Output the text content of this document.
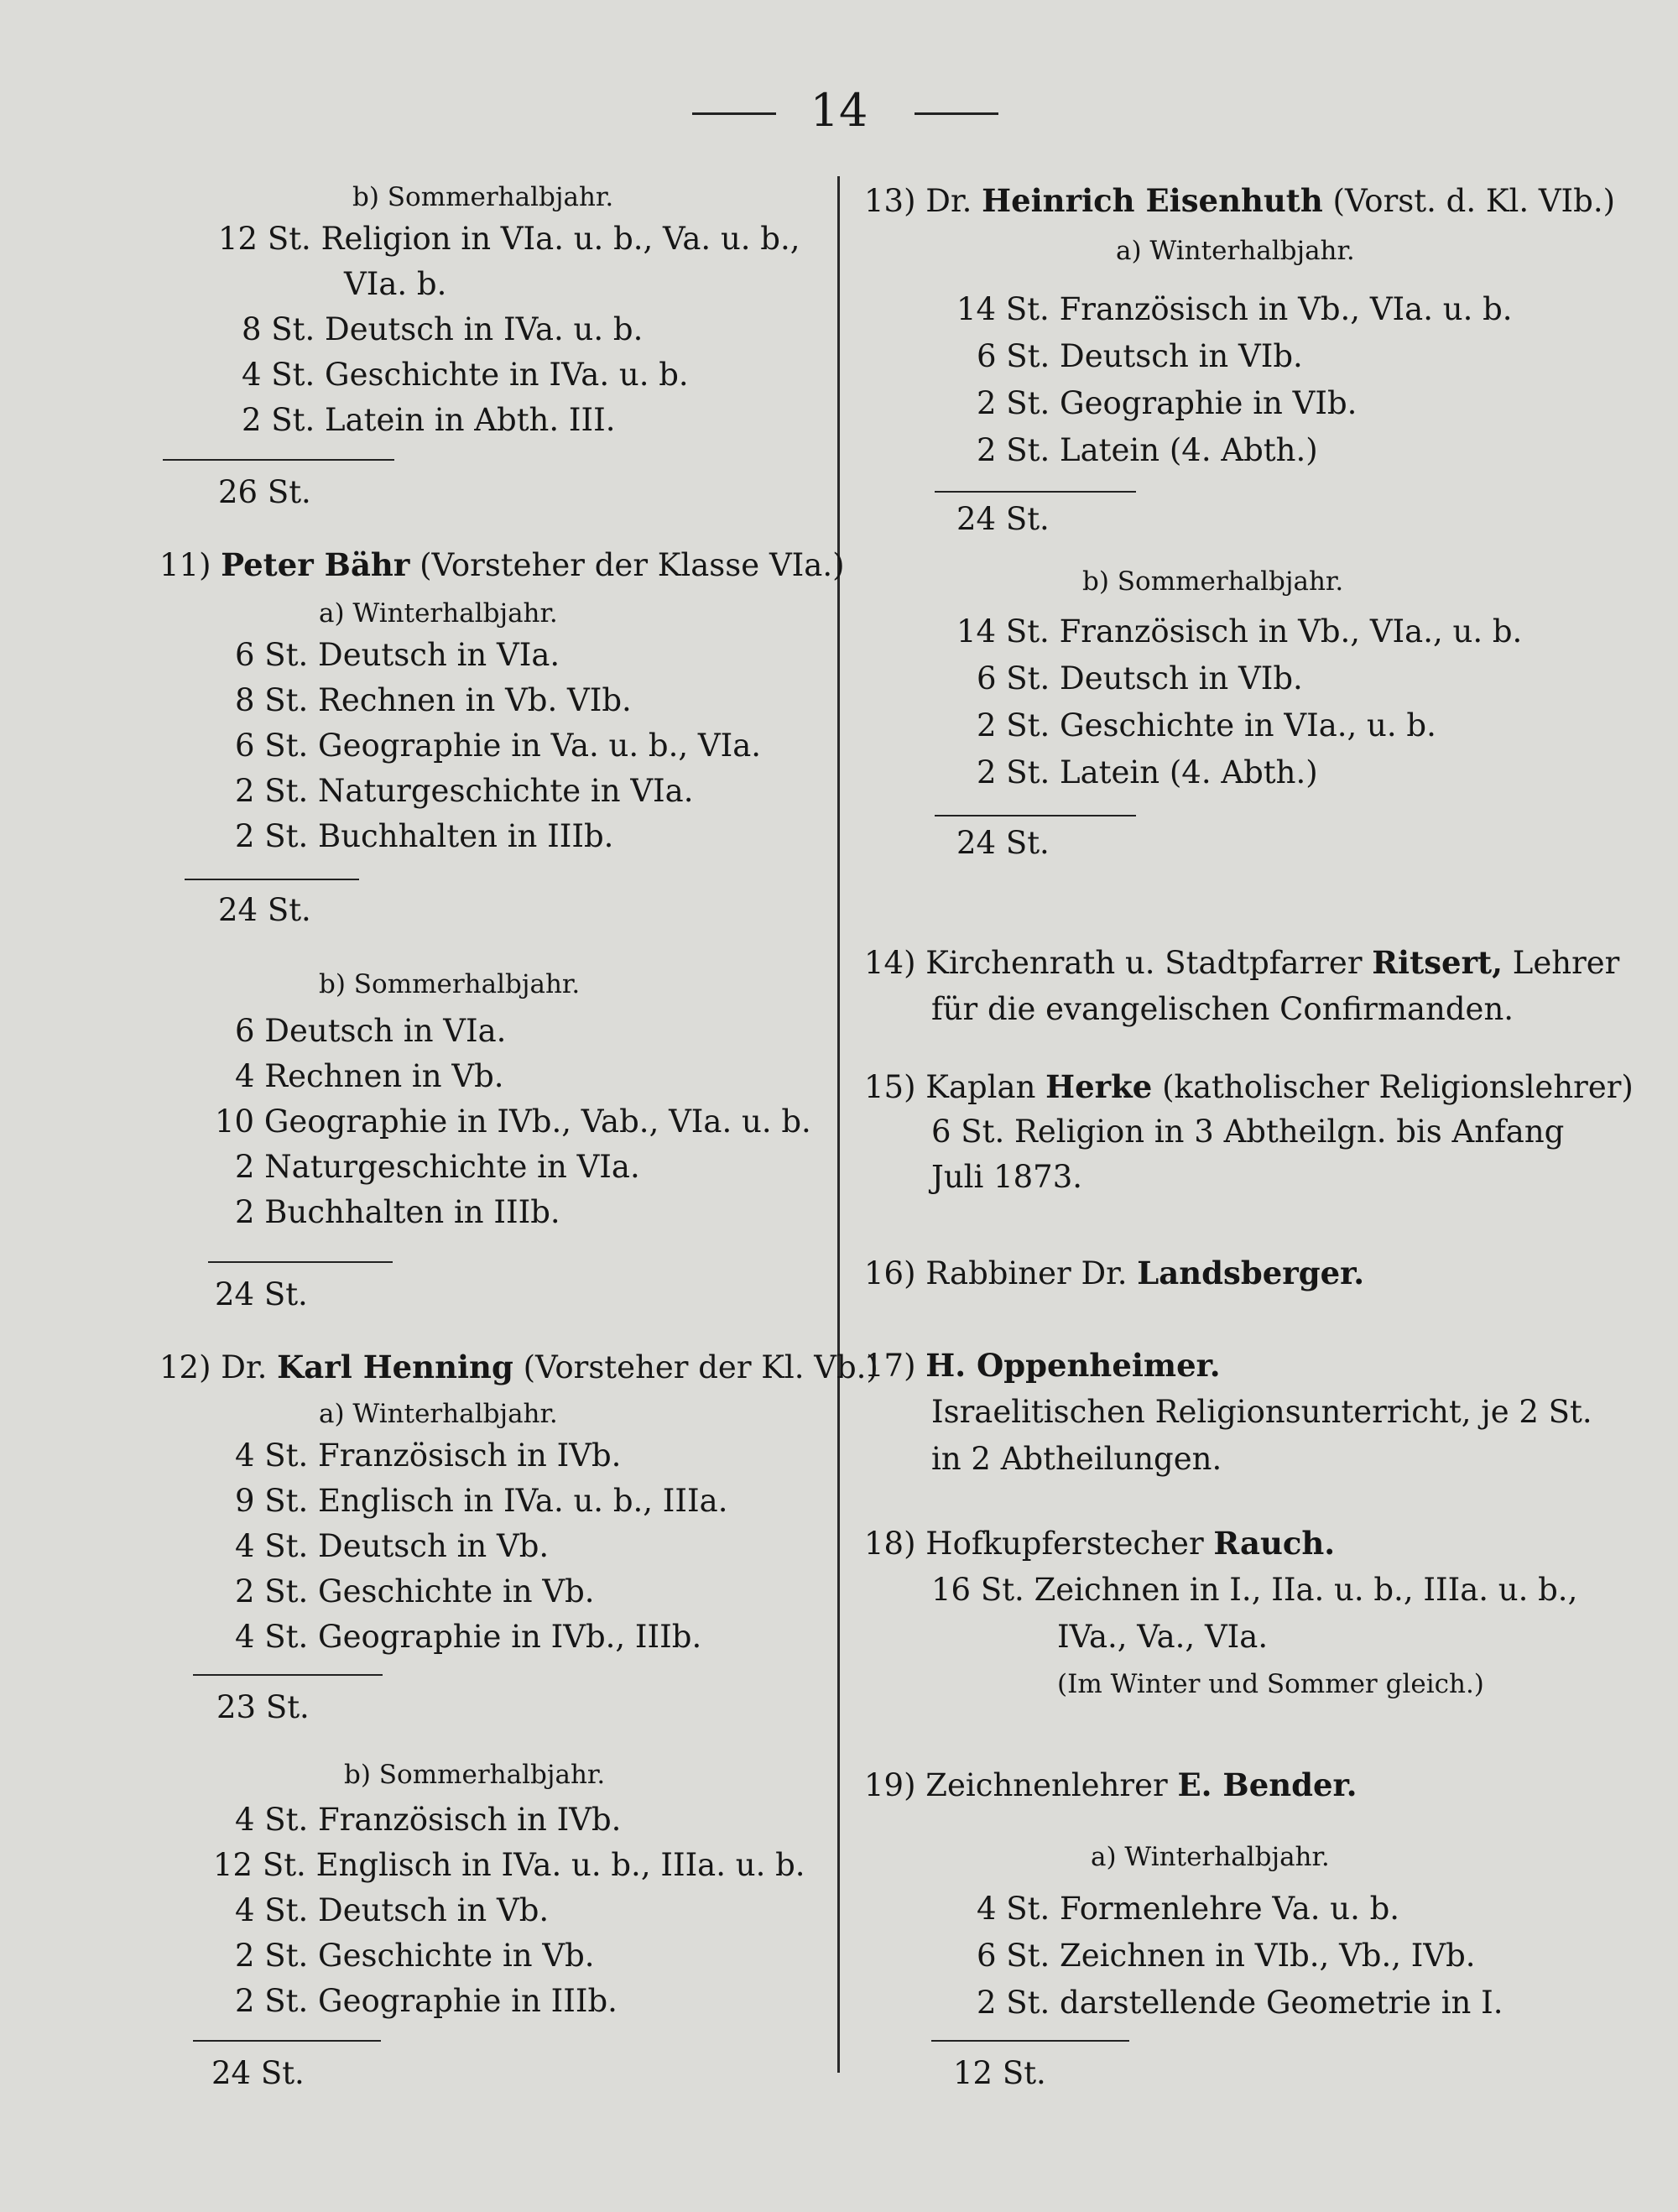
14
b) Sommerhalbjahr.
12 St. Religion in VIa. u. b., Va. u. b.,
VIa. b.
8 St. Deutsch in IVa. u. b.
4 St. Geschichte in IVa. u. b.
2 St. Latein in Abth. III.
26 St.
11) Peter Bähr (Vorsteher der Klasse VIa.)
a) Winterhalbjahr.
6 St. Deutsch in VIa.
8 St. Rechnen in Vb. VIb.
6 St. Geographie in Va. u. b., VIa.
2 St. Naturgeschichte in VIa.
2 St. Buchhalten in IIIb.
24 St.
b) Sommerhalbjahr.
6 Deutsch in VIa.
4 Rechnen in Vb.
10 Geographie in IVb., Vab., VIa. u. b.
2 Naturgeschichte in VIa.
2 Buchhalten in IIIb.
24 St.
12) Dr. Karl Henning (Vorsteher der Kl. Vb.)
a) Winterhalbjahr.
4 St. Französisch in IVb.
9 St. Englisch in IVa. u. b., IIIa.
4 St. Deutsch in Vb.
2 St. Geschichte in Vb.
4 St. Geographie in IVb., IIIb.
23 St.
b) Sommerhalbjahr.
4 St. Französisch in IVb.
12 St. Englisch in IVa. u. b., IIIa. u. b.
4 St. Deutsch in Vb.
2 St. Geschichte in Vb.
2 St. Geographie in IIIb.
24 St.
13) Dr. Heinrich Eisenhuth (Vorst. d. Kl. VIb.)
a) Winterhalbjahr.
14 St. Französisch in Vb., VIa. u. b.
6 St. Deutsch in VIb.
2 St. Geographie in VIb.
2 St. Latein (4. Abth.)
24 St.
b) Sommerhalbjahr.
14 St. Französisch in Vb., VIa., u. b.
6 St. Deutsch in VIb.
2 St. Geschichte in VIa., u. b.
2 St. Latein (4. Abth.)
24 St.
14) Kirchenrath u. Stadtpfarrer Ritsert, Lehrer
für die evangelischen Confirmanden.
15) Kaplan Herke (katholischer Religionslehrer)
6 St. Religion in 3 Abtheilgn. bis Anfang
Juli 1873.
16) Rabbiner Dr. Landsberger.
17) H. Oppenheimer.
Israelitischen Religionsunterricht, je 2 St.
in 2 Abtheilungen.
18) Hofkupferstecher Rauch.
16 St. Zeichnen in I., IIa. u. b., IIIa. u. b.,
IVa., Va., VIa.
(Im Winter und Sommer gleich.)
19) Zeichnenlehrer E. Bender.
a) Winterhalbjahr.
4 St. Formenlehre Va. u. b.
6 St. Zeichnen in VIb., Vb., IVb.
2 St. darstellende Geometrie in I.
12 St.
